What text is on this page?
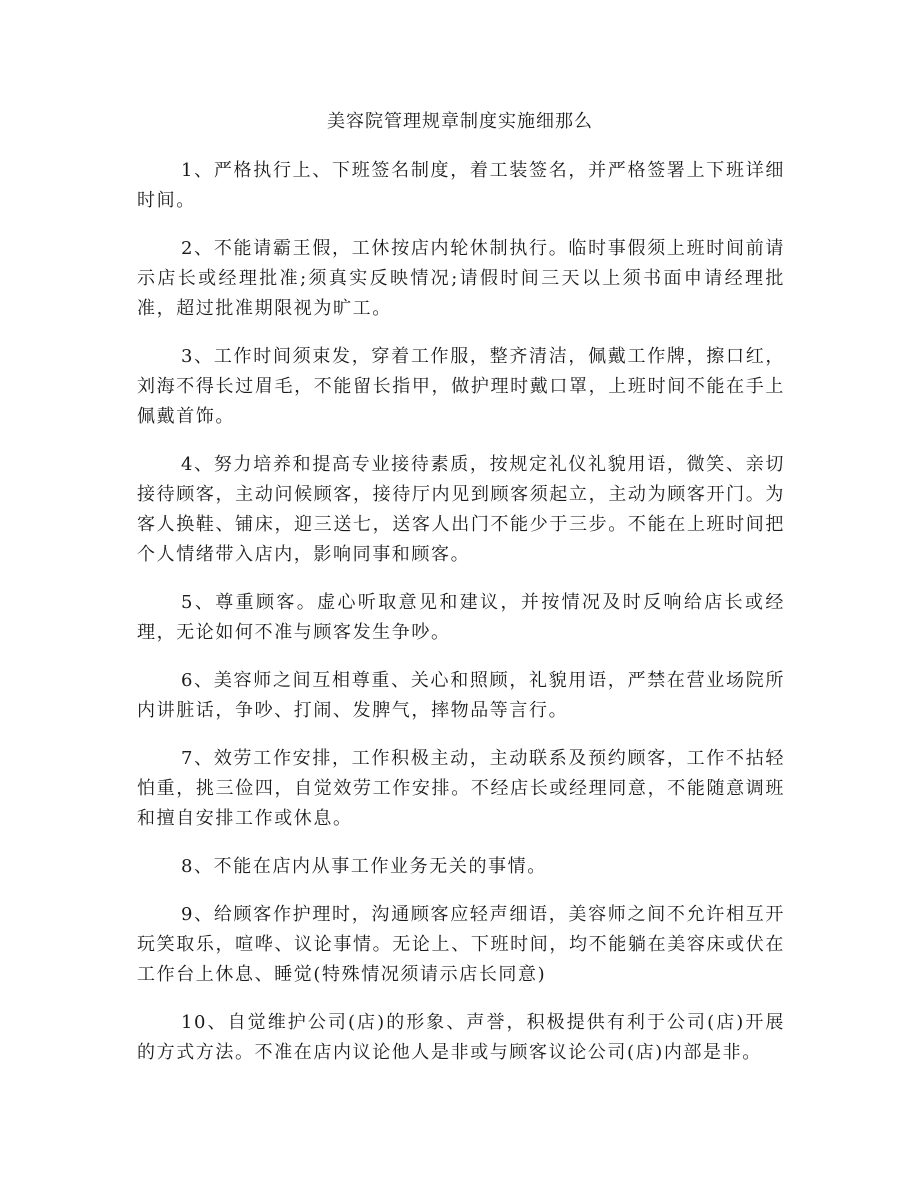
美容院管理规章制度实施细那么

1、严格执行上、下班签名制度，着工装签名，并严格签署上下班详细时间。

2、不能请霸王假，工休按店内轮休制执行。临时事假须上班时间前请示店长或经理批准;须真实反映情况;请假时间三天以上须书面申请经理批准，超过批准期限视为旷工。

3、工作时间须束发，穿着工作服，整齐清洁，佩戴工作牌，擦口红，刘海不得长过眉毛，不能留长指甲，做护理时戴口罩，上班时间不能在手上佩戴首饰。

4、努力培养和提高专业接待素质，按规定礼仪礼貌用语，微笑、亲切接待顾客，主动问候顾客，接待厅内见到顾客须起立，主动为顾客开门。为客人换鞋、铺床，迎三送七，送客人出门不能少于三步。不能在上班时间把个人情绪带入店内，影响同事和顾客。

5、尊重顾客。虚心听取意见和建议，并按情况及时反响给店长或经理，无论如何不准与顾客发生争吵。

6、美容师之间互相尊重、关心和照顾，礼貌用语，严禁在营业场院所内讲脏话，争吵、打闹、发脾气，摔物品等言行。

7、效劳工作安排，工作积极主动，主动联系及预约顾客，工作不拈轻怕重，挑三俭四，自觉效劳工作安排。不经店长或经理同意，不能随意调班和擅自安排工作或休息。

8、不能在店内从事工作业务无关的事情。

9、给顾客作护理时，沟通顾客应轻声细语，美容师之间不允许相互开玩笑取乐，喧哗、议论事情。无论上、下班时间，均不能躺在美容床或伏在工作台上休息、睡觉(特殊情况须请示店长同意)

10、自觉维护公司(店)的形象、声誉，积极提供有利于公司(店)开展的方式方法。不准在店内议论他人是非或与顾客议论公司(店)内部是非。
